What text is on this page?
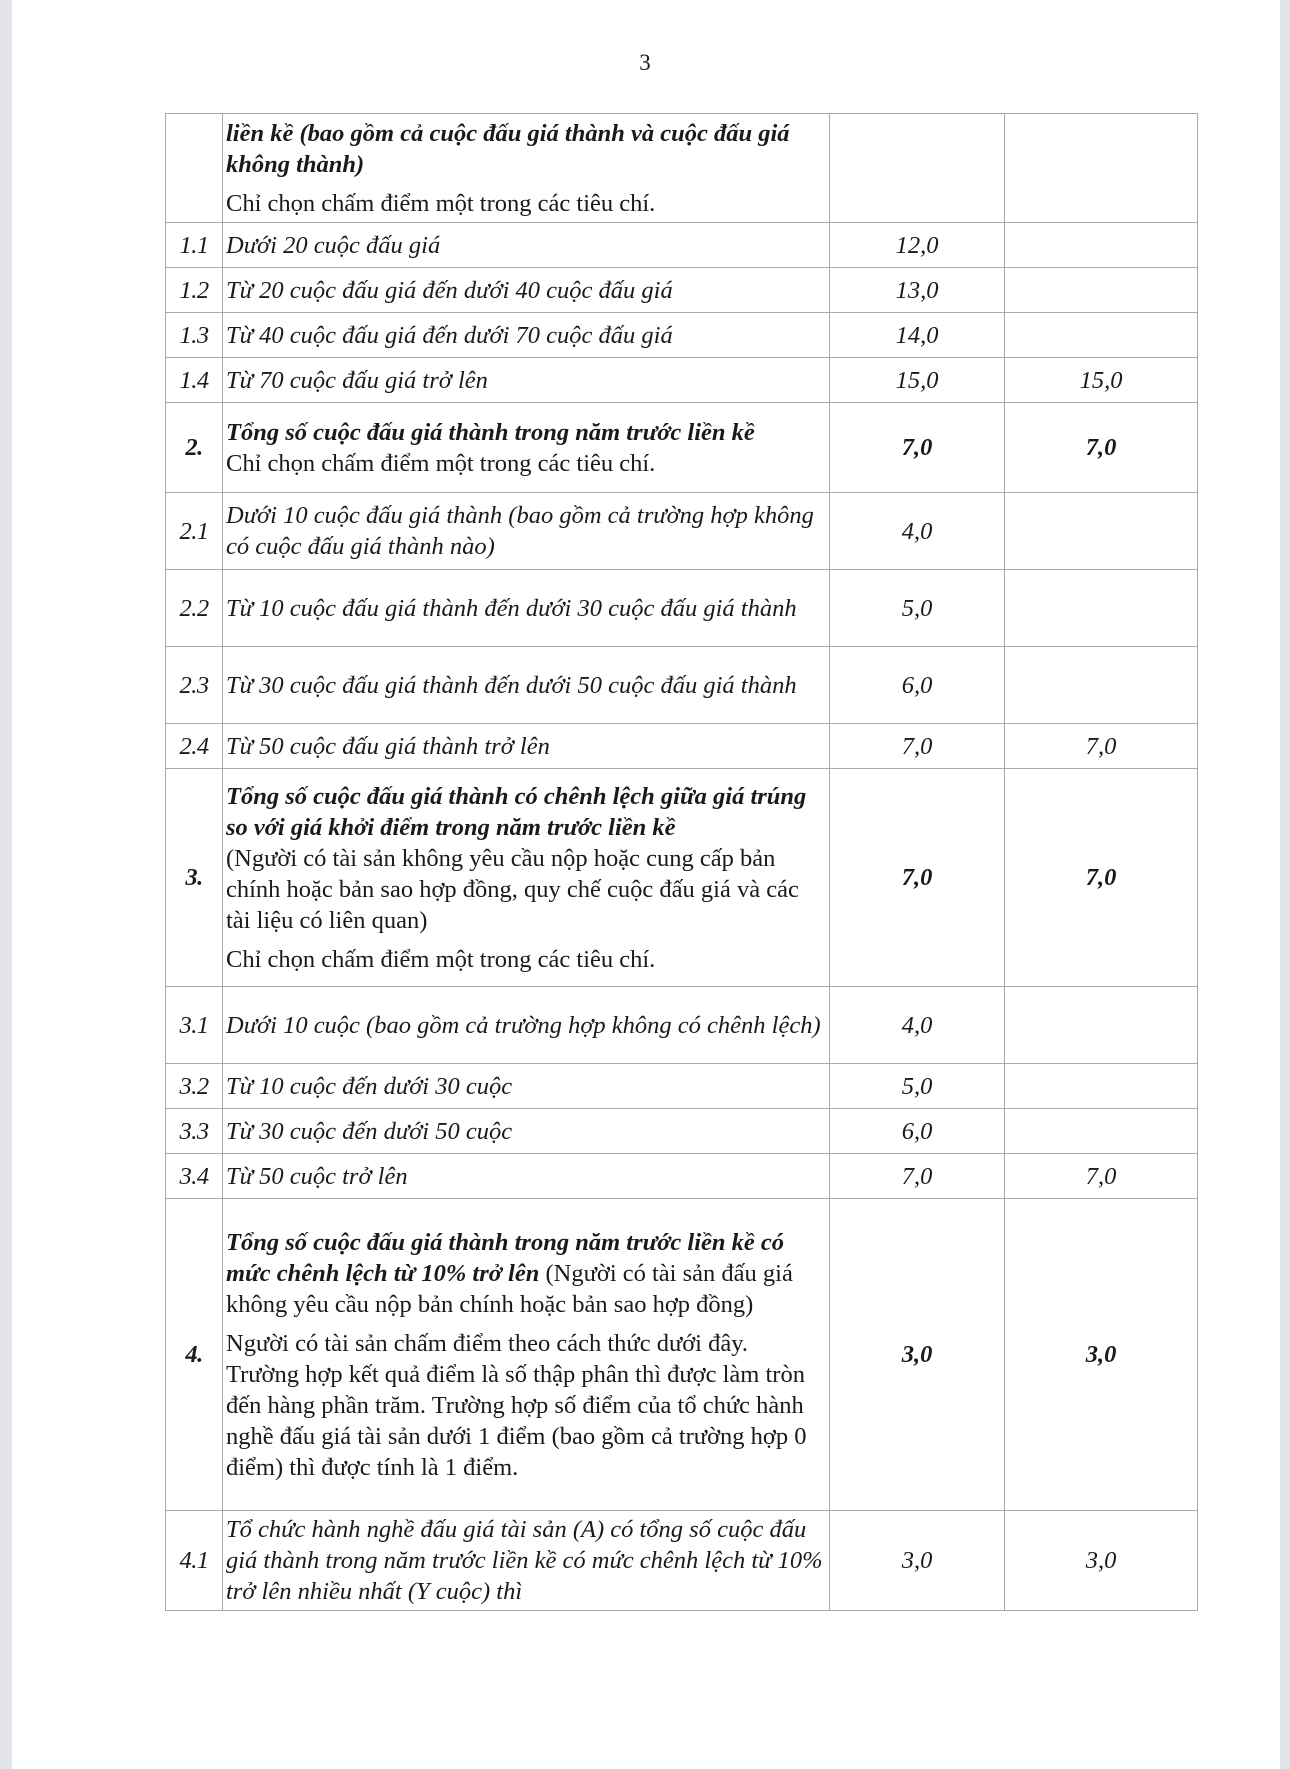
3

	liền kề (bao gồm cả cuộc đấu giá thành và cuộc đấu giá không thành)
Chỉ chọn chấm điểm một trong các tiêu chí.		

1.1	Dưới 20 cuộc đấu giá	12,0	
1.2	Từ 20 cuộc đấu giá đến dưới 40 cuộc đấu giá	13,0	
1.3	Từ 40 cuộc đấu giá đến dưới 70 cuộc đấu giá	14,0	
1.4	Từ 70 cuộc đấu giá trở lên	15,0	15,0
2.	Tổng số cuộc đấu giá thành trong năm trước liền kề
Chỉ chọn chấm điểm một trong các tiêu chí.	7,0	7,0
2.1	Dưới 10 cuộc đấu giá thành (bao gồm cả trường hợp không có cuộc đấu giá thành nào)	4,0	
2.2	Từ 10 cuộc đấu giá thành đến dưới 30 cuộc đấu giá thành	5,0	
2.3	Từ 30 cuộc đấu giá thành đến dưới 50 cuộc đấu giá thành	6,0	
2.4	Từ 50 cuộc đấu giá thành trở lên	7,0	7,0
3.	Tổng số cuộc đấu giá thành có chênh lệch giữa giá trúng so với giá khởi điểm trong năm trước liền kề
(Người có tài sản không yêu cầu nộp hoặc cung cấp bản chính hoặc bản sao hợp đồng, quy chế cuộc đấu giá và các tài liệu có liên quan)
Chỉ chọn chấm điểm một trong các tiêu chí.	7,0	7,0
3.1	Dưới 10 cuộc (bao gồm cả trường hợp không có chênh lệch)	4,0	
3.2	Từ 10 cuộc đến dưới 30 cuộc	5,0	
3.3	Từ 30 cuộc đến dưới 50 cuộc	6,0	
3.4	Từ 50 cuộc trở lên	7,0	7,0
4.	Tổng số cuộc đấu giá thành trong năm trước liền kề có mức chênh lệch từ 10% trở lên (Người có tài sản đấu giá không yêu cầu nộp bản chính hoặc bản sao hợp đồng)
Người có tài sản chấm điểm theo cách thức dưới đây. Trường hợp kết quả điểm là số thập phân thì được làm tròn đến hàng phần trăm. Trường hợp số điểm của tổ chức hành nghề đấu giá tài sản dưới 1 điểm (bao gồm cả trường hợp 0 điểm) thì được tính là 1 điểm.	3,0	3,0
4.1	Tổ chức hành nghề đấu giá tài sản (A) có tổng số cuộc đấu giá thành trong năm trước liền kề có mức chênh lệch từ 10% trở lên nhiều nhất (Y cuộc) thì	3,0	3,0
